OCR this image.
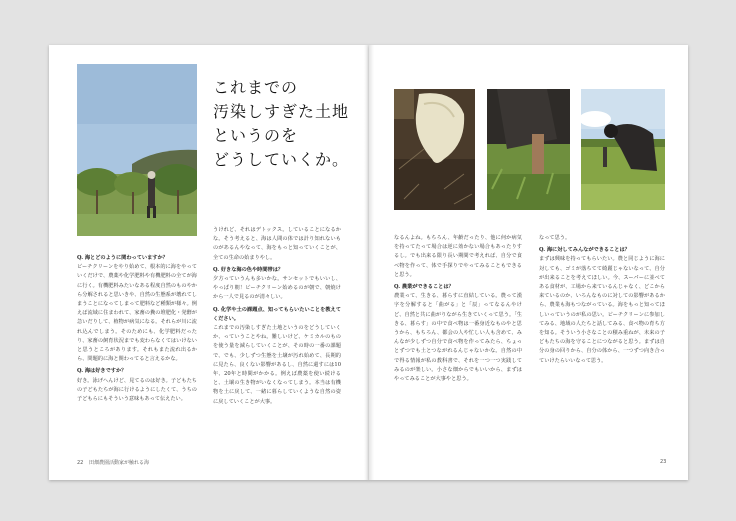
これまでの
汚染しすぎた土地
というのを
どうしていくか。

Q. 海とどのように関わっていますか？
ビーチクリーンをやり始めて、根本的に海をやっていくだけで、農薬や化学肥料や有機肥料の全てが海に行く。有機肥料みたいなある程度自然のものやから分解されると思いきや、自然の生態系が壊れてしまうことになってしまって肥料など種類が様々。例えば流域に住まわれて、家畜の糞の堆肥化・発酵が急いだりして、植物が病気になる。それらが川に流れ込んでしまう。そのためにも、化学肥料だったり、家畜の飼育状況までも変わらなくてはいけないと思うところがあります。それもまた流れ出るから、問題的に海と関わってると言えるかな。

Q. 海は好きですか？
好き。泳げへんけど、見てるのは好き。子どもたちの子どもたちが海に行けるようにしたくて、うちの子どもらにもそういう意味もあって伝えたい。

うけれど、それはデトックス。していることになるかな。そう考えると、海は人間の体では計り知れないものがあるんやなって、海をもっと知っていくことが、全ての生命の始まりやし。

Q. 好きな海の色や時間帯は？
夕方っていうんも多いかな。サンセットでもいいし、やっぱり朝！ビーチクリーン始めるのが朝で、朝焼けから一人で見るのが清々しい。

Q. 化学や土の課題点、知ってもらいたいことを教えてください。
これまでの汚染しすぎた土地というのをどうしていくか、っていうことやね。難しいけど、ケミカルのものを使う量を減らしていくことが、その時の一番の課題で、でも、少しずつ生態を土壌が汚れ始めて、長期的に見たら、良くない影響があるし、自然に還すには10年、20年と時間がかかる。例えば農薬を使い続けると、土壌の生き物がいなくなってしまう。本当は有機物を土に戻して、一緒に暮らしていくような自然の姿に戻していくことが大事。

なるんよね。もちろん、年齢だったり、他に何か病気を持ってたって場合は逆に効かない場合もあったりするし。でも出来る限り長い期間で考えれば、自分で食べ物を作って、体で手探りでやってみることもできると思う。

Q. 農業ができることは？
農業って、生きる、暮らすに直結している。農って漢字を分解すると「曲がる」と「辰」ってなるんやけど、自然と共に曲がりながら生きていくって思う。「生きる、暮らす」の中で食べ物は一番身近なものやと思うから、もちろん、都会の人や忙しい人も含めて、みんなが少しずつ自分で食べ物を作ってみたら、ちょっとずつでも土とつながれるんじゃないかな。自然の中で得る情報が私の教科書で、それを一つ一つ実践してみるのが楽しい。小さな畑からでもいいから、まずはやってみることが大事やと思う。

なって思う。

Q. 海に対してみんなができることは？
まずは興味を持ってもらいたい。農と同じように海に対しても、ゴミが落ちてて綺麗じゃないなって、自分が出来ることを考えてほしい。今、スーパーに並べてある食材が、工場から来ているんじゃなく、どこから来ているのか、いろんなものに対しての影響があるから、農業も海もつながっている。海をもっと知ってほしいっていうのが私の思い。ビーチクリーンに参加してみる、地域の人たちと話してみる、食べ物の育ち方を知る。そういう小さなことの積み重ねが、未来の子どもたちの海を守ることにつながると思う。まずは自分の身の回りから、自分の体から、一つずつ向き合っていけたらいいなって思う。

22 田畑農園活動家が触れる海	23
